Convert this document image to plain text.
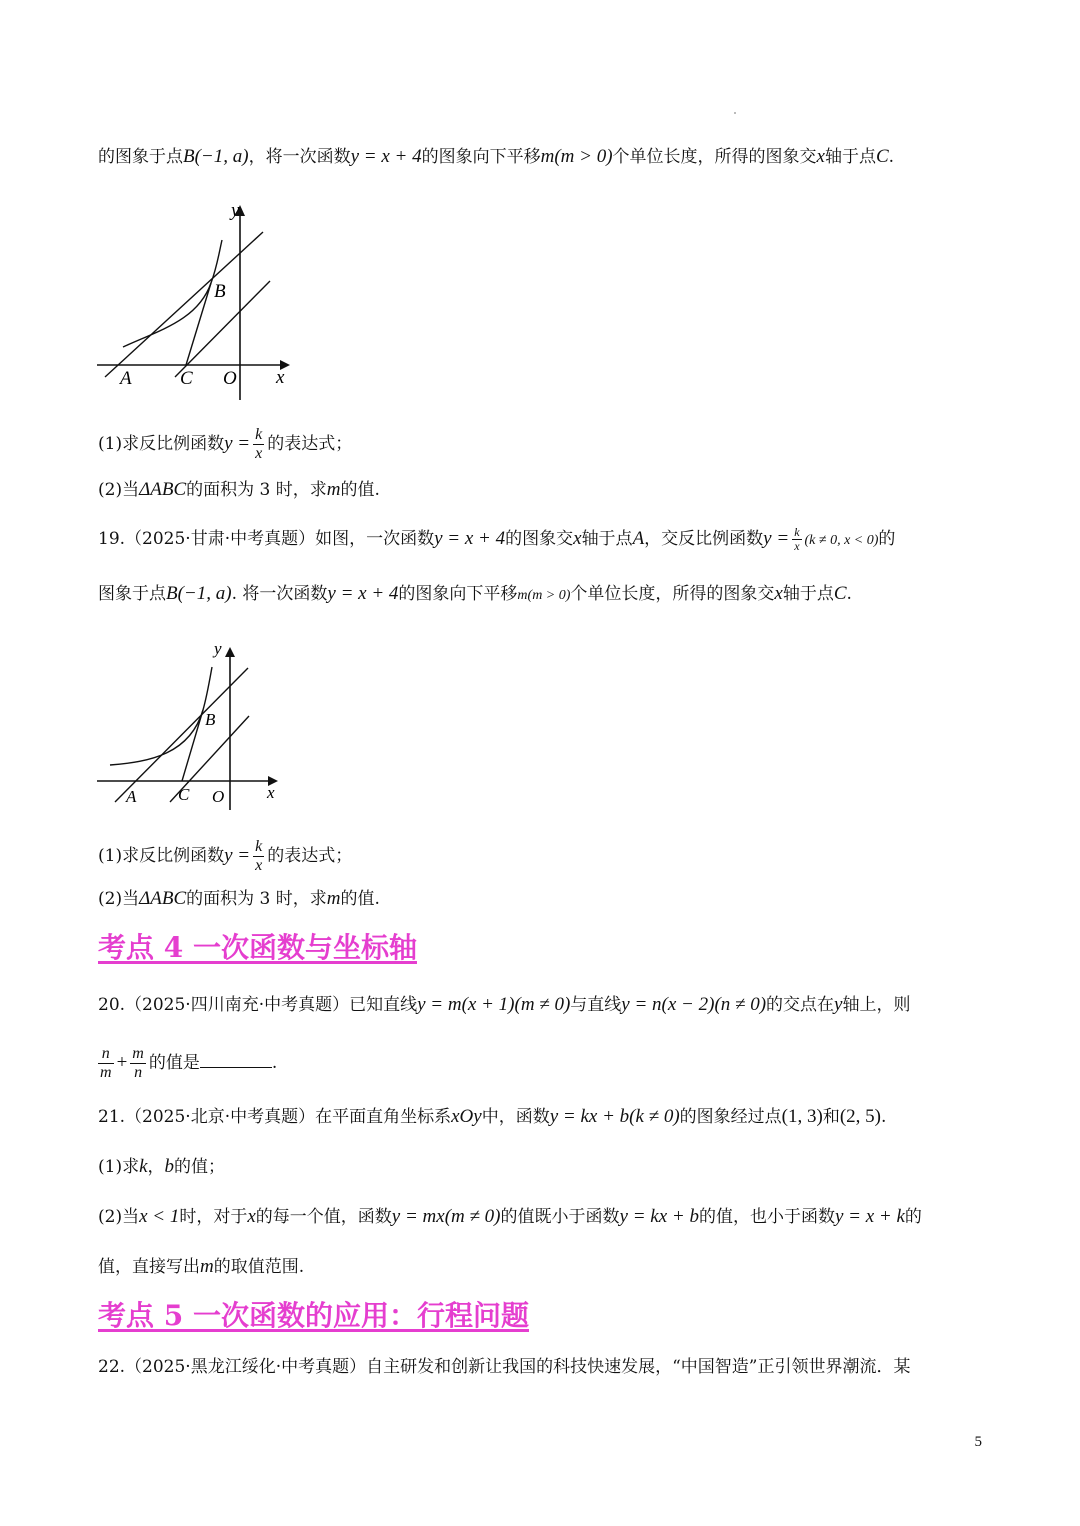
的图象于点B(−1, a)，将一次函数y = x + 4的图象向下平移m(m > 0)个单位长度，所得的图象交x轴于点C.
y
x
B
A	C O
(1)求反比例函数$y = \frac{k}{x}$ 的表达式；
(2)当ΔABC的面积为 3 时，求m的值.
19.（2025·甘肃·中考真题）如图，一次函数y = x + 4的图象交x轴于点A，交反比例函数$y = \frac{k}{x} (k \ne 0$, x < 0)的
图象于点B(−1, a). 将一次函数y = x + 4的图象向下平移m(m > 0)个单位长度，所得的图象交x轴于点C.
y
x
B
A C O
(1)求反比例函数$y = \frac{k}{x}$ 的表达式；
(2)当ΔABC的面积为 3 时，求m的值.
考点 4 一次函数与坐标轴
20.（2025·四川南充·中考真题）已知直线y = m(x + 1)(m ≠ 0)与直线y = n(x − 2)(n ≠ 0)的交点在y轴上，则
$\frac{n}{m} + \frac{m}{n}$ 的值是	.
21.（2025·北京·中考真题）在平面直角坐标系xOy中，函数y = kx + b(k ≠ 0)的图象经过点(1, 3)和(2, 5).
(1)求k，b的值；
(2)当x < 1时，对于x的每一个值，函数y = mx(m ≠ 0)的值既小于函数y = kx + b的值，也小于函数y = x + k的
值，直接写出m的取值范围.
考点 5 一次函数的应用：行程问题
22.（2025·黑龙江绥化·中考真题）自主研发和创新让我国的科技快速发展，“中国智造”正引领世界潮流．某
5
